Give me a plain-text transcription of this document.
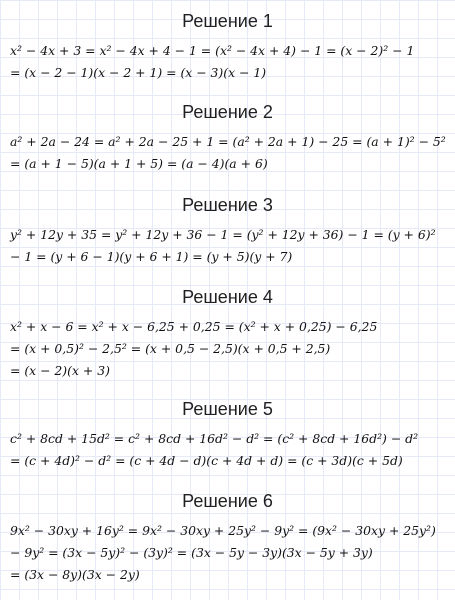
Решение 1
x² − 4x + 3 = x² − 4x + 4 − 1 = (x² − 4x + 4) − 1 = (x − 2)² − 1
= (x − 2 − 1)(x − 2 + 1) = (x − 3)(x − 1)
Решение 2
a² + 2a − 24 = a² + 2a − 25 + 1 = (a² + 2a + 1) − 25 = (a + 1)² − 5²
= (a + 1 − 5)(a + 1 + 5) = (a − 4)(a + 6)
Решение 3
y² + 12y + 35 = y² + 12y + 36 − 1 = (y² + 12y + 36) − 1 = (y + 6)²
− 1 = (y + 6 − 1)(y + 6 + 1) = (y + 5)(y + 7)
Решение 4
x² + x − 6 = x² + x − 6,25 + 0,25 = (x² + x + 0,25) − 6,25
= (x + 0,5)² − 2,5² = (x + 0,5 − 2,5)(x + 0,5 + 2,5)
= (x − 2)(x + 3)
Решение 5
c² + 8cd + 15d² = c² + 8cd + 16d² − d² = (c² + 8cd + 16d²) − d²
= (c + 4d)² − d² = (c + 4d − d)(c + 4d + d) = (c + 3d)(c + 5d)
Решение 6
9x² − 30xy + 16y² = 9x² − 30xy + 25y² − 9y² = (9x² − 30xy + 25y²)
− 9y² = (3x − 5y)² − (3y)² = (3x − 5y − 3y)(3x − 5y + 3y)
= (3x − 8y)(3x − 2y)
